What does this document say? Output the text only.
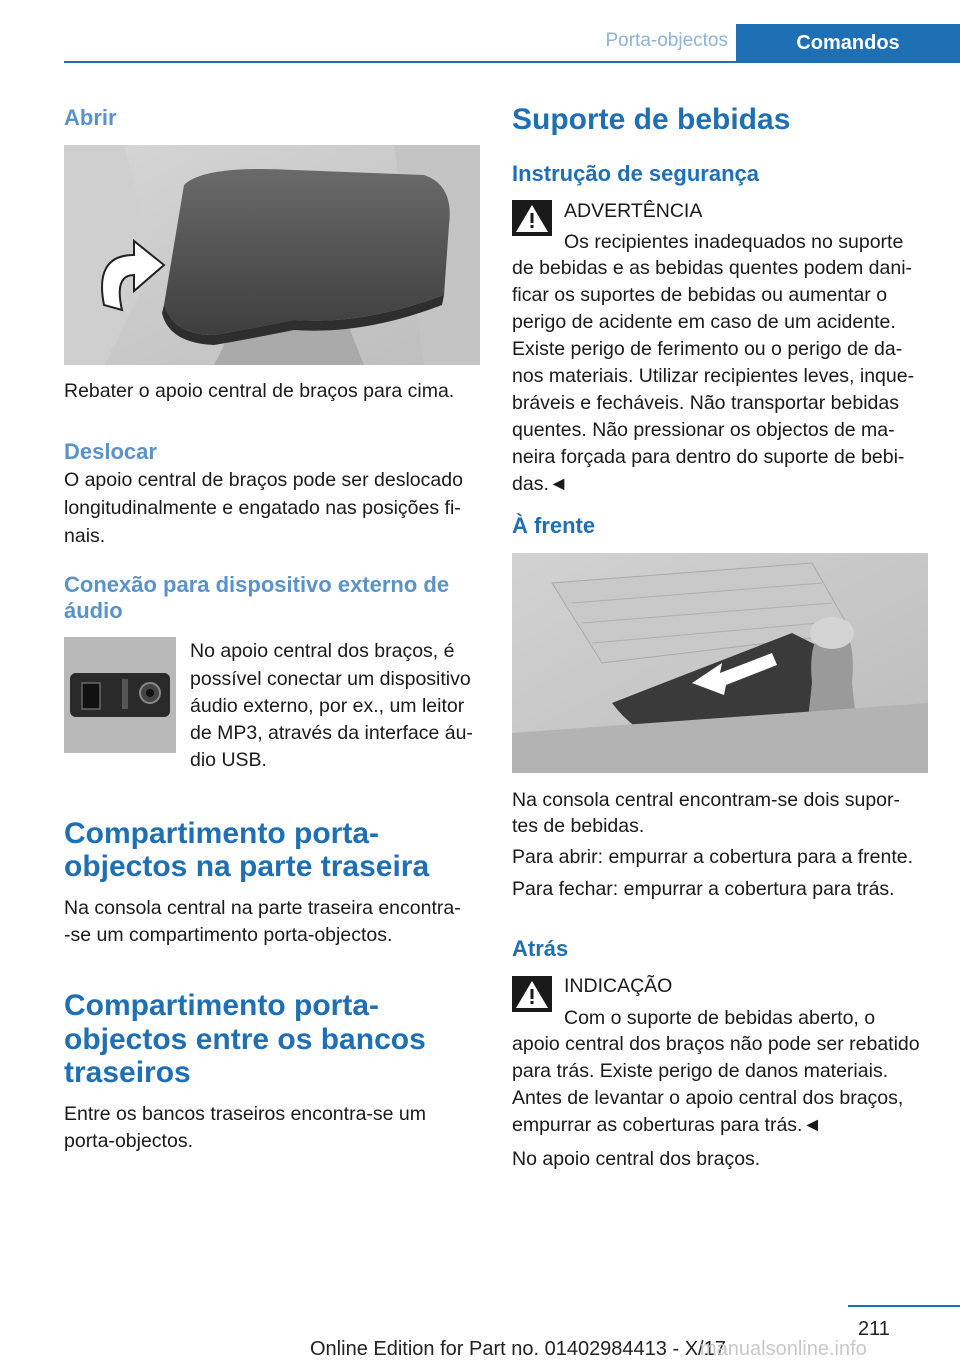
Porta-objectos	Comandos

Abrir

Rebater o apoio central de braços para cima.

Deslocar

O apoio central de braços pode ser deslocado longitudinalmente e engatado nas posições finais.

Conexão para dispositivo externo de

áudio

No apoio central dos braços, é

possível conectar um dispositivo

áudio externo, por ex., um leitor

de MP3, através da interface áu-

dio USB.

Compartimento porta-

objectos na parte traseira

Na consola central na parte traseira encontra-

-se um compartimento porta-objectos.

Compartimento porta-

objectos entre os bancos

traseiros

Entre os bancos traseiros encontra-se um

porta-objectos.

Suporte de bebidas

Instrução de segurança

ADVERTÊNCIA

Os recipientes inadequados no suporte

de bebidas e as bebidas quentes podem dani-

ficar os suportes de bebidas ou aumentar o

perigo de acidente em caso de um acidente.

Existe perigo de ferimento ou o perigo de da-

nos materiais. Utilizar recipientes leves, inque-

bráveis e fecháveis. Não transportar bebidas

quentes. Não pressionar os objectos de ma-

neira forçada para dentro do suporte de bebi-

das.◄

À frente

Na consola central encontram-se dois supor-

tes de bebidas.

Para abrir: empurrar a cobertura para a frente.

Para fechar: empurrar a cobertura para trás.

Atrás

INDICAÇÃO

Com o suporte de bebidas aberto, o

apoio central dos braços não pode ser rebatido

para trás. Existe perigo de danos materiais.

Antes de levantar o apoio central dos braços,

empurrar as coberturas para trás.◄

No apoio central dos braços.

211
Online Edition for Part no. 01402984413 - X/17
manualsonline.info
